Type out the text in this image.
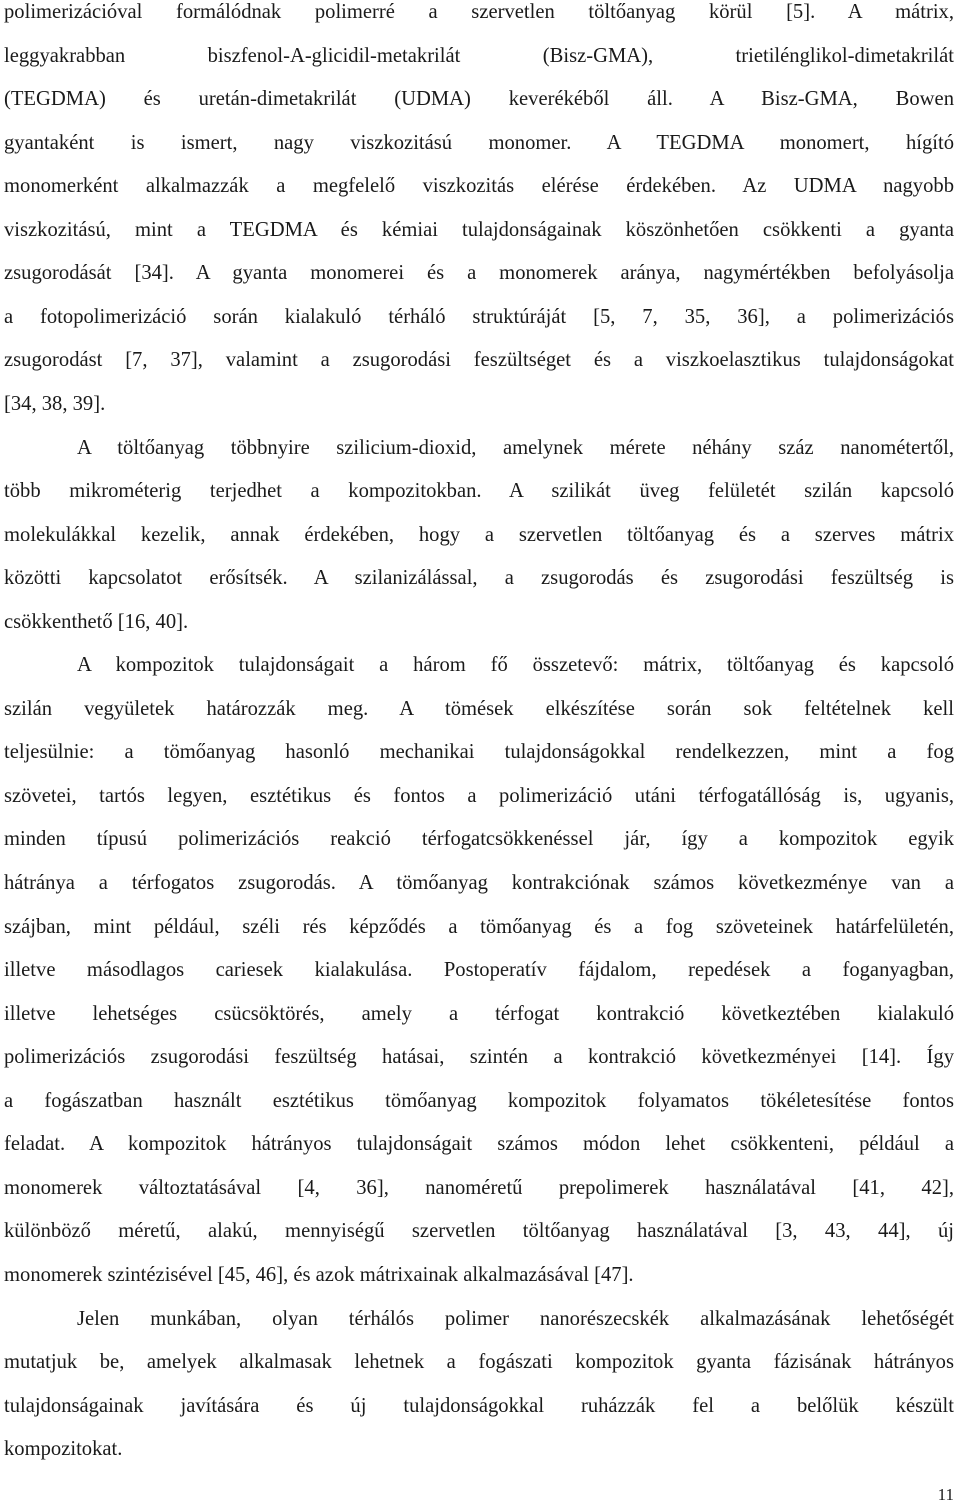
polimerizációval formálódnak polimerré a szervetlen töltőanyag körül [5]. A mátrix,
leggyakrabban biszfenol-A-glicidil-metakrilát (Bisz-GMA), trietilénglikol-dimetakrilát
(TEGDMA) és uretán-dimetakrilát (UDMA) keverékéből áll. A Bisz-GMA, Bowen
gyantaként is ismert, nagy viszkozitású monomer. A TEGDMA monomert, hígító
monomerként alkalmazzák a megfelelő viszkozitás elérése érdekében. Az UDMA nagyobb
viszkozitású, mint a TEGDMA és kémiai tulajdonságainak köszönhetően csökkenti a gyanta
zsugorodását [34]. A gyanta monomerei és a monomerek aránya, nagymértékben befolyásolja
a fotopolimerizáció során kialakuló térháló struktúráját [5, 7, 35, 36], a polimerizációs
zsugorodást [7, 37], valamint a zsugorodási feszültséget és a viszkoelasztikus tulajdonságokat
[34, 38, 39].
A töltőanyag többnyire szilicium-dioxid, amelynek mérete néhány száz nanométertől,
több mikrométerig terjedhet a kompozitokban. A szilikát üveg felületét szilán kapcsoló
molekulákkal kezelik, annak érdekében, hogy a szervetlen töltőanyag és a szerves mátrix
közötti kapcsolatot erősítsék. A szilanizálással, a zsugorodás és zsugorodási feszültség is
csökkenthető [16, 40].
A kompozitok tulajdonságait a három fő összetevő: mátrix, töltőanyag és kapcsoló
szilán vegyületek határozzák meg. A tömések elkészítése során sok feltételnek kell
teljesülnie: a tömőanyag hasonló mechanikai tulajdonságokkal rendelkezzen, mint a fog
szövetei, tartós legyen, esztétikus és fontos a polimerizáció utáni térfogatállóság is, ugyanis,
minden típusú polimerizációs reakció térfogatcsökkenéssel jár, így a kompozitok egyik
hátránya a térfogatos zsugorodás. A tömőanyag kontrakciónak számos következménye van a
szájban, mint például, széli rés képződés a tömőanyag és a fog szöveteinek határfelületén,
illetve másodlagos cariesek kialakulása. Postoperatív fájdalom, repedések a foganyagban,
illetve lehetséges csücsöktörés, amely a térfogat kontrakció következtében kialakuló
polimerizációs zsugorodási feszültség hatásai, szintén a kontrakció következményei [14]. Így
a fogászatban használt esztétikus tömőanyag kompozitok folyamatos tökéletesítése fontos
feladat. A kompozitok hátrányos tulajdonságait számos módon lehet csökkenteni, például a
monomerek változtatásával [4, 36], nanoméretű prepolimerek használatával [41, 42],
különböző méretű, alakú, mennyiségű szervetlen töltőanyag használatával [3, 43, 44], új
monomerek szintézisével [45, 46], és azok mátrixainak alkalmazásával [47].
Jelen munkában, olyan térhálós polimer nanorészecskék alkalmazásának lehetőségét
mutatjuk be, amelyek alkalmasak lehetnek a fogászati kompozitok gyanta fázisának hátrányos
tulajdonságainak javítására és új tulajdonságokkal ruházzák fel a belőlük készült
kompozitokat.
11
